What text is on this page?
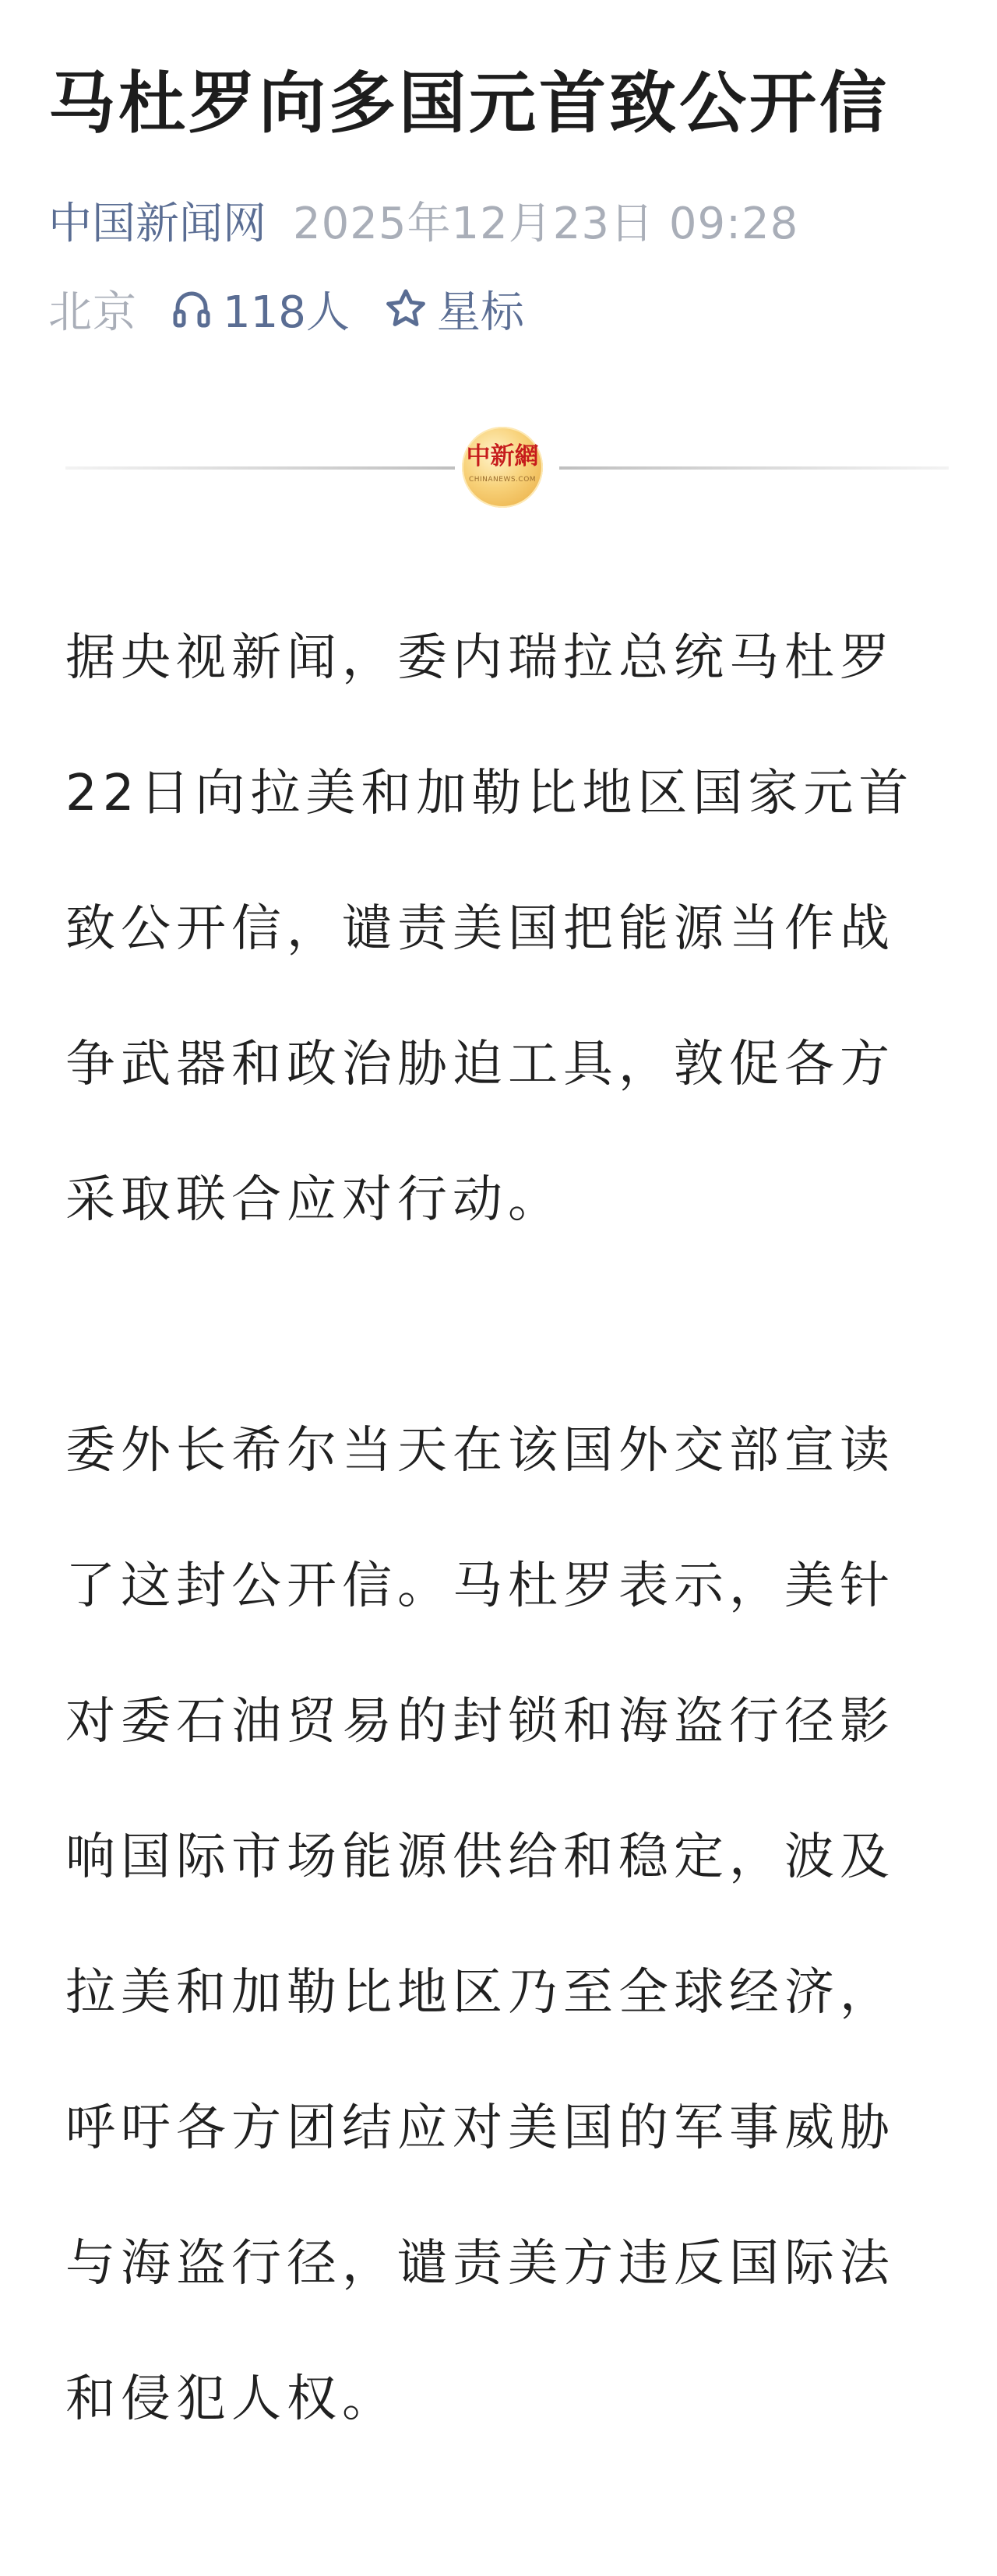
马杜罗向多国元首致公开信
中国新闻网 2025年12月23日 09:28
北京 118人 星标
中新網
CHINANEWS.COM

据央视新闻，委内瑞拉总统马杜罗22日向拉美和加勒比地区国家元首致公开信，谴责美国把能源当作战争武器和政治胁迫工具，敦促各方采取联合应对行动。

委外长希尔当天在该国外交部宣读了这封公开信。马杜罗表示，美针对委石油贸易的封锁和海盗行径影响国际市场能源供给和稳定，波及拉美和加勒比地区乃至全球经济，呼吁各方团结应对美国的军事威胁与海盗行径，谴责美方违反国际法和侵犯人权。
